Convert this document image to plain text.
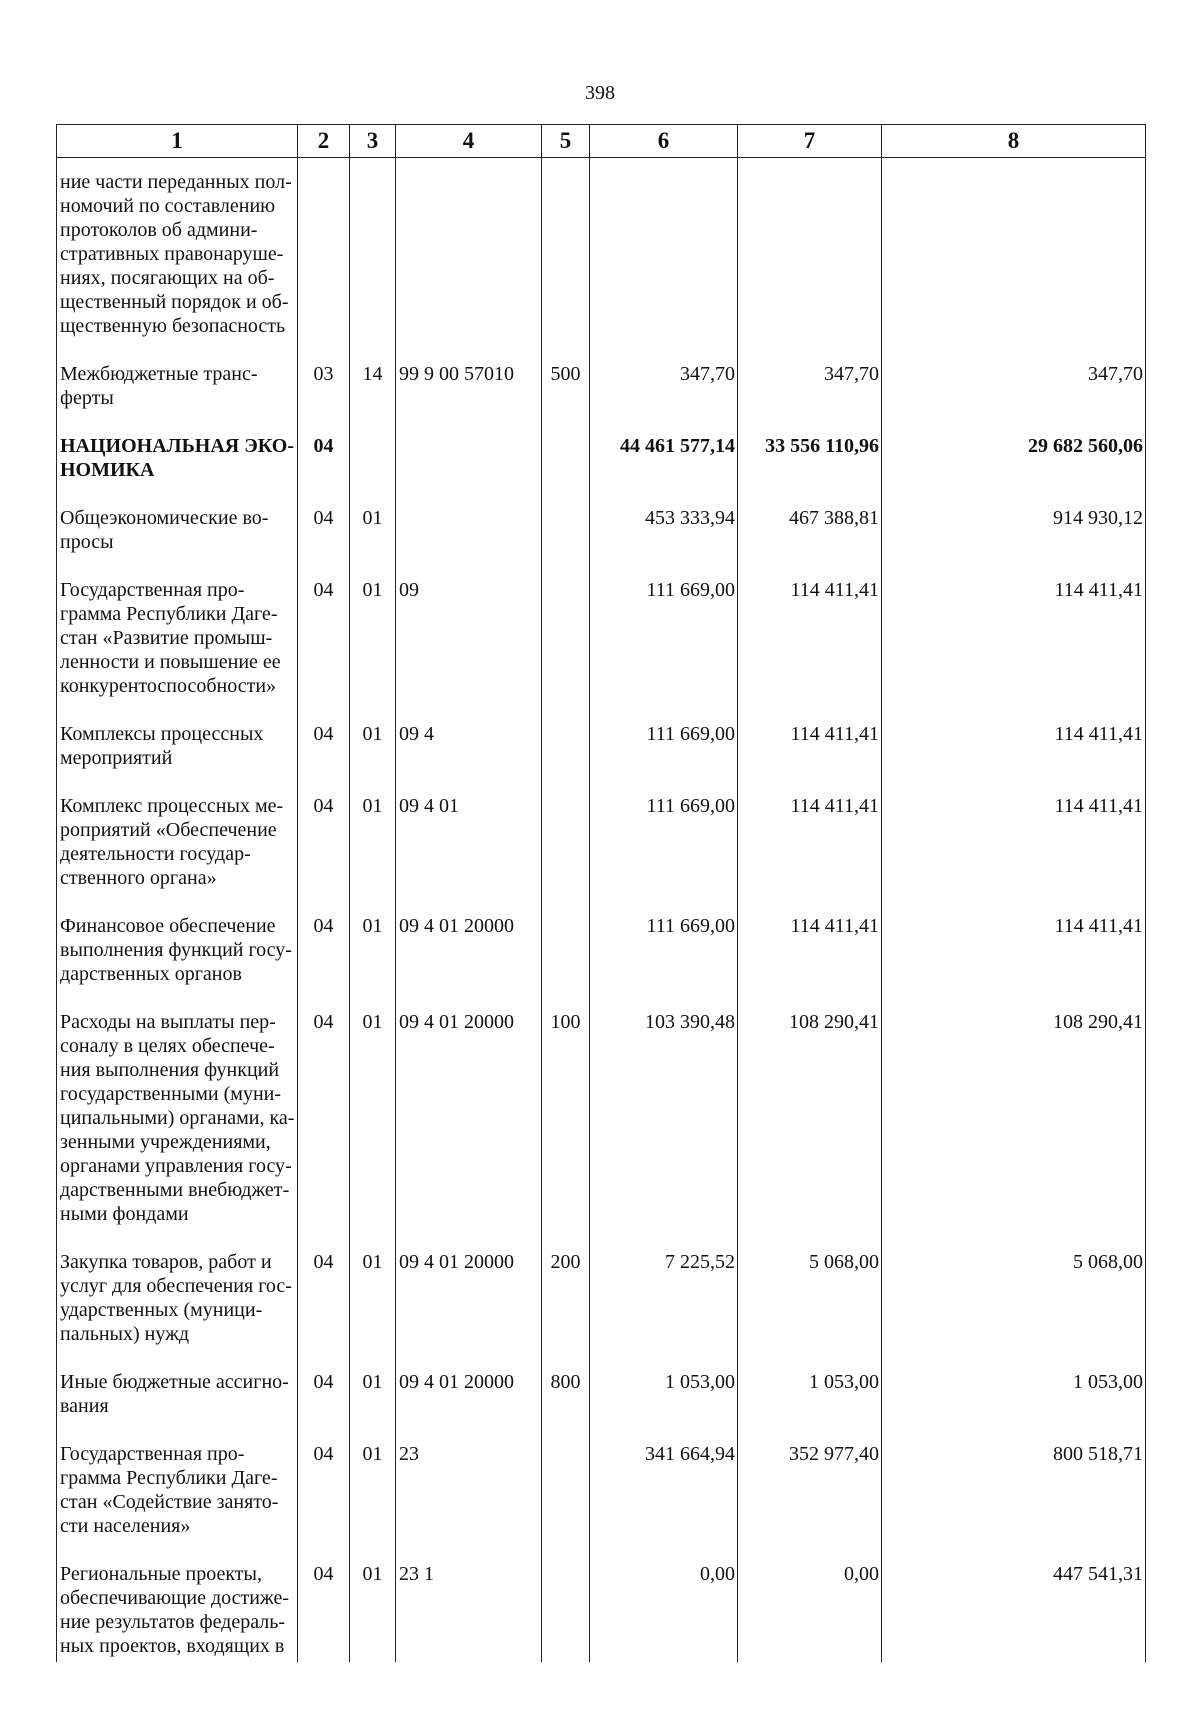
398
1	2	3	4	5	6	7	8
ние части переданных полномочий по составлению протоколов об административных правонарушениях, посягающих на общественный порядок и общественную безопасность							
Межбюджетные трансферты	03	14	99 9 00 57010	500	347,70	347,70	347,70
НАЦИОНАЛЬНАЯ ЭКОНОМИКА	04				44 461 577,14	33 556 110,96	29 682 560,06
Общеэкономические вопросы	04	01			453 333,94	467 388,81	914 930,12
Государственная программа Республики Дагестан «Развитие промышленности и повышение ее конкурентоспособности»	04	01	09		111 669,00	114 411,41	114 411,41
Комплексы процессных мероприятий	04	01	09 4		111 669,00	114 411,41	114 411,41
Комплекс процессных мероприятий «Обеспечение деятельности государственного органа»	04	01	09 4 01		111 669,00	114 411,41	114 411,41
Финансовое обеспечение выполнения функций государственных органов	04	01	09 4 01 20000		111 669,00	114 411,41	114 411,41
Расходы на выплаты персоналу в целях обеспечения выполнения функций государственными (муниципальными) органами, казенными учреждениями, органами управления государственными внебюджетными фондами	04	01	09 4 01 20000	100	103 390,48	108 290,41	108 290,41
Закупка товаров, работ и услуг для обеспечения государственных (муниципальных) нужд	04	01	09 4 01 20000	200	7 225,52	5 068,00	5 068,00
Иные бюджетные ассигнования	04	01	09 4 01 20000	800	1 053,00	1 053,00	1 053,00
Государственная программа Республики Дагестан «Содействие занятости населения»	04	01	23		341 664,94	352 977,40	800 518,71
Региональные проекты, обеспечивающие достижение результатов федеральных проектов, входящих в	04	01	23 1		0,00	0,00	447 541,31
